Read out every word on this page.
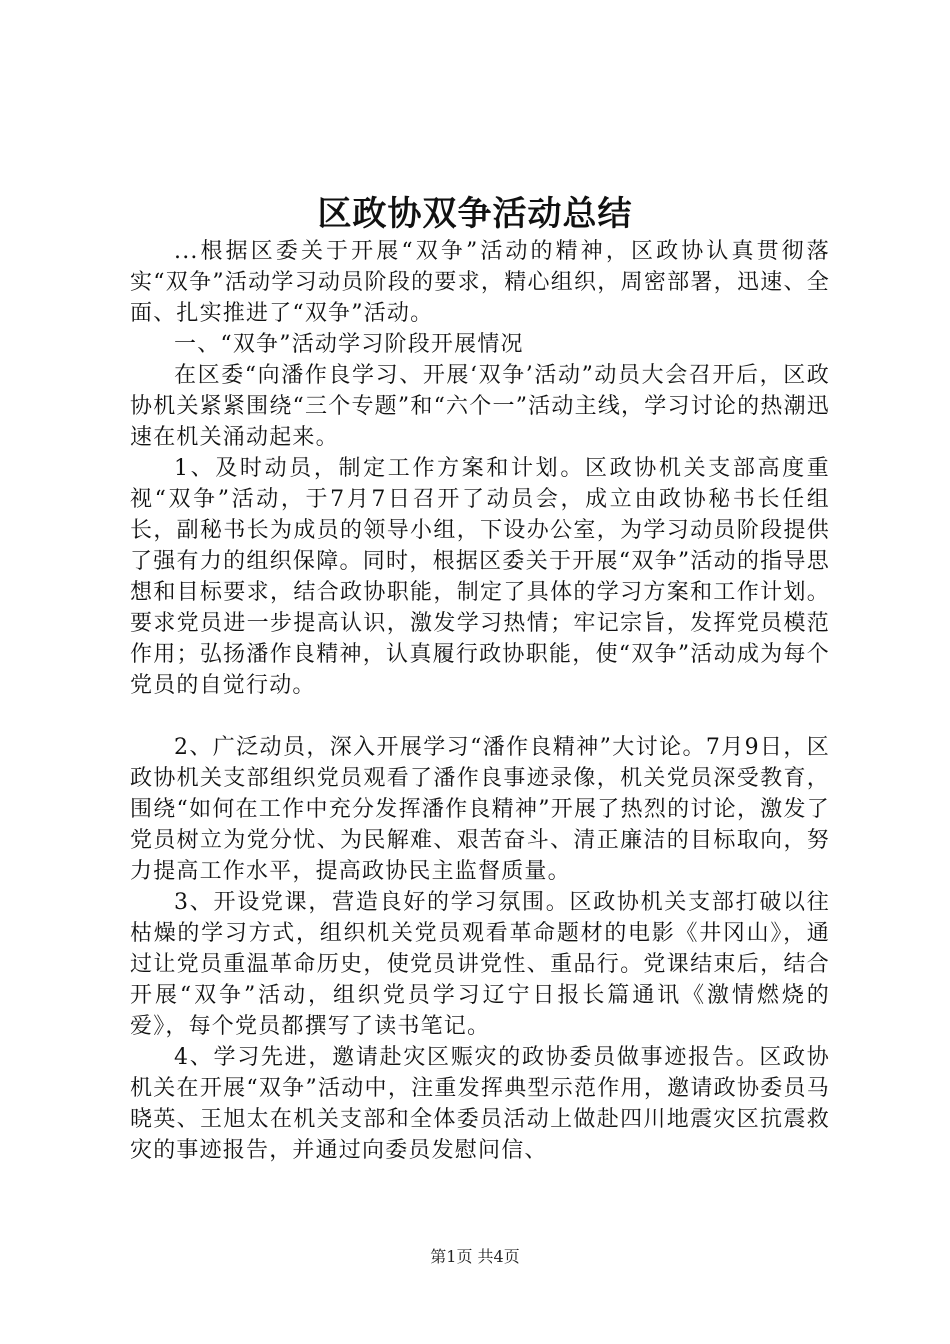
区政协双争活动总结

...根据区委关于开展“双争”活动的精神，区政协认真贯彻落实“双争”活动学习动员阶段的要求，精心组织，周密部署，迅速、全面、扎实推进了“双争”活动。

一、“双争”活动学习阶段开展情况

在区委“向潘作良学习、开展‘双争’活动”动员大会召开后，区政协机关紧紧围绕“三个专题”和“六个一”活动主线，学习讨论的热潮迅速在机关涌动起来。

1、及时动员，制定工作方案和计划。区政协机关支部高度重视“双争”活动，于7月7日召开了动员会，成立由政协秘书长任组长，副秘书长为成员的领导小组，下设办公室，为学习动员阶段提供了强有力的组织保障。同时，根据区委关于开展“双争”活动的指导思想和目标要求，结合政协职能，制定了具体的学习方案和工作计划。要求党员进一步提高认识，激发学习热情；牢记宗旨，发挥党员模范作用；弘扬潘作良精神，认真履行政协职能，使“双争”活动成为每个党员的自觉行动。

2、广泛动员，深入开展学习“潘作良精神”大讨论。7月9日，区政协机关支部组织党员观看了潘作良事迹录像，机关党员深受教育，围绕“如何在工作中充分发挥潘作良精神”开展了热烈的讨论，激发了党员树立为党分忧、为民解难、艰苦奋斗、清正廉洁的目标取向，努力提高工作水平，提高政协民主监督质量。

3、开设党课，营造良好的学习氛围。区政协机关支部打破以往枯燥的学习方式，组织机关党员观看革命题材的电影《井冈山》，通过让党员重温革命历史，使党员讲党性、重品行。党课结束后，结合开展“双争”活动，组织党员学习辽宁日报长篇通讯《激情燃烧的爱》，每个党员都撰写了读书笔记。

4、学习先进，邀请赴灾区赈灾的政协委员做事迹报告。区政协机关在开展“双争”活动中，注重发挥典型示范作用，邀请政协委员马晓英、王旭太在机关支部和全体委员活动上做赴四川地震灾区抗震救灾的事迹报告，并通过向委员发慰问信、

第1页 共4页
